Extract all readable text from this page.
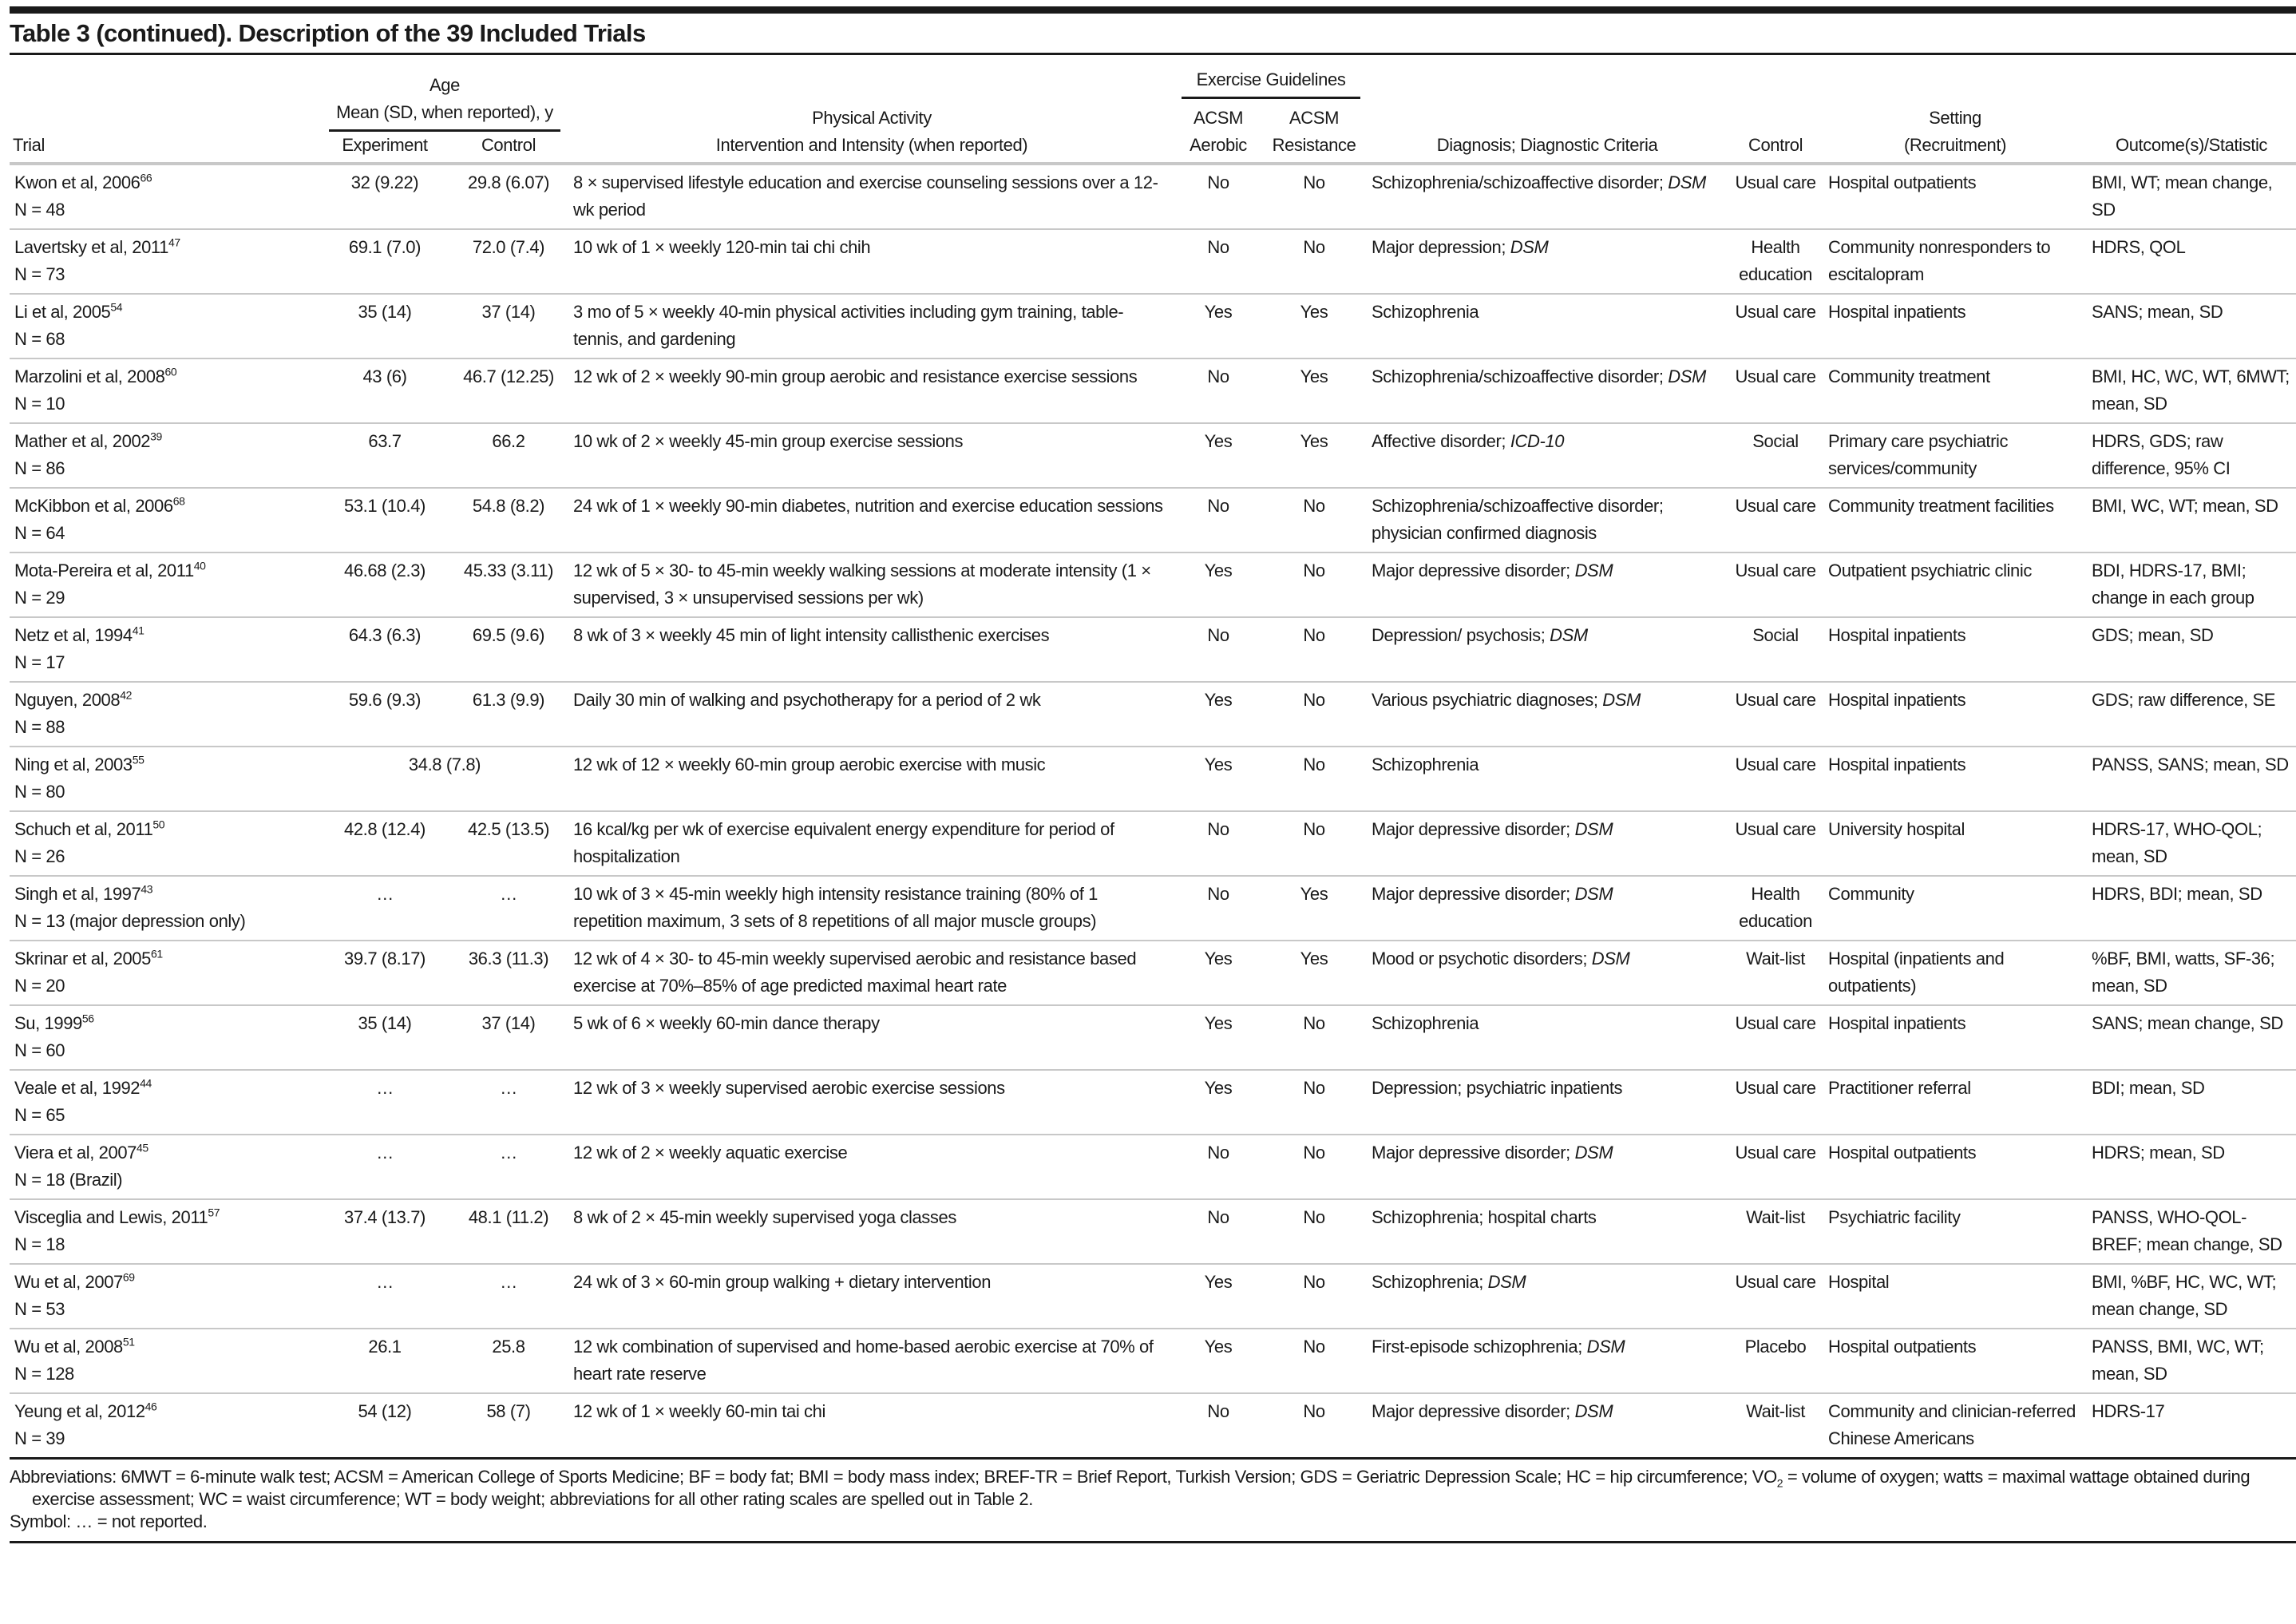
Table 3 (continued). Description of the 39 Included Trials
	Age			Exercise Guidelines					
	Mean (SD, when reported), y		Physical Activity	ACSM	ACSM			Setting	
Trial	Experiment	Control	Intervention and Intensity (when reported)	Aerobic	Resistance	Diagnosis; Diagnostic Criteria	Control	(Recruitment)	Outcome(s)/Statistic
Kwon et al, 2006$^{66}$
N = 48	32 (9.22)	29.8 (6.07)	8 × supervised lifestyle education and exercise counseling sessions over a 12-wk period	No	No	Schizophrenia/schizoaffective disorder; DSM	Usual care	Hospital outpatients	BMI, WT; mean change, SD
Lavertsky et al, 2011$^{47}$
N = 73	69.1 (7.0)	72.0 (7.4)	10 wk of 1 × weekly 120-min tai chi chih	No	No	Major depression; DSM	Health education	Community nonresponders to escitalopram	HDRS, QOL
Li et al, 2005$^{54}$
N = 68	35 (14)	37 (14)	3 mo of 5 × weekly 40-min physical activities including gym training, table-tennis, and gardening	Yes	Yes	Schizophrenia	Usual care	Hospital inpatients	SANS; mean, SD
Marzolini et al, 2008$^{60}$
N = 10	43 (6)	46.7 (12.25)	12 wk of 2 × weekly 90-min group aerobic and resistance exercise sessions	No	Yes	Schizophrenia/schizoaffective disorder; DSM	Usual care	Community treatment	BMI, HC, WC, WT, 6MWT; mean, SD
Mather et al, 2002$^{39}$
N = 86	63.7	66.2	10 wk of 2 × weekly 45-min group exercise sessions	Yes	Yes	Affective disorder; ICD-10	Social	Primary care psychiatric services/community	HDRS, GDS; raw difference, 95% CI
McKibbon et al, 2006$^{68}$
N = 64	53.1 (10.4)	54.8 (8.2)	24 wk of 1 × weekly 90-min diabetes, nutrition and exercise education sessions	No	No	Schizophrenia/schizoaffective disorder; physician confirmed diagnosis	Usual care	Community treatment facilities	BMI, WC, WT; mean, SD
Mota-Pereira et al, 2011$^{40}$
N = 29	46.68 (2.3)	45.33 (3.11)	12 wk of 5 × 30- to 45-min weekly walking sessions at moderate intensity (1 × supervised, 3 × unsupervised sessions per wk)	Yes	No	Major depressive disorder; DSM	Usual care	Outpatient psychiatric clinic	BDI, HDRS-17, BMI; change in each group
Netz et al, 1994$^{41}$
N = 17	64.3 (6.3)	69.5 (9.6)	8 wk of 3 × weekly 45 min of light intensity callisthenic exercises	No	No	Depression/ psychosis; DSM	Social	Hospital inpatients	GDS; mean, SD
Nguyen, 2008$^{42}$
N = 88	59.6 (9.3)	61.3 (9.9)	Daily 30 min of walking and psychotherapy for a period of 2 wk	Yes	No	Various psychiatric diagnoses; DSM	Usual care	Hospital inpatients	GDS; raw difference, SE
Ning et al, 2003$^{55}$
N = 80	34.8 (7.8)		12 wk of 12 × weekly 60-min group aerobic exercise with music	Yes	No	Schizophrenia	Usual care	Hospital inpatients	PANSS, SANS; mean, SD
Schuch et al, 2011$^{50}$
N = 26	42.8 (12.4)	42.5 (13.5)	16 kcal/kg per wk of exercise equivalent energy expenditure for period of hospitalization	No	No	Major depressive disorder; DSM	Usual care	University hospital	HDRS-17, WHO-QOL; mean, SD
Singh et al, 1997$^{43}$
N = 13 (major depression only)	…	…	10 wk of 3 × 45-min weekly high intensity resistance training (80% of 1 repetition maximum, 3 sets of 8 repetitions of all major muscle groups)	No	Yes	Major depressive disorder; DSM	Health education	Community	HDRS, BDI; mean, SD
Skrinar et al, 2005$^{61}$
N = 20	39.7 (8.17)	36.3 (11.3)	12 wk of 4 × 30- to 45-min weekly supervised aerobic and resistance based exercise at 70%–85% of age predicted maximal heart rate	Yes	Yes	Mood or psychotic disorders; DSM	Wait-list	Hospital (inpatients and outpatients)	%BF, BMI, watts, SF-36; mean, SD
Su, 1999$^{56}$
N = 60	35 (14)	37 (14)	5 wk of 6 × weekly 60-min dance therapy	Yes	No	Schizophrenia	Usual care	Hospital inpatients	SANS; mean change, SD
Veale et al, 1992$^{44}$
N = 65	…	…	12 wk of 3 × weekly supervised aerobic exercise sessions	Yes	No	Depression; psychiatric inpatients	Usual care	Practitioner referral	BDI; mean, SD
Viera et al, 2007$^{45}$
N = 18 (Brazil)	…	…	12 wk of 2 × weekly aquatic exercise	No	No	Major depressive disorder; DSM	Usual care	Hospital outpatients	HDRS; mean, SD
Visceglia and Lewis, 2011$^{57}$
N = 18	37.4 (13.7)	48.1 (11.2)	8 wk of 2 × 45-min weekly supervised yoga classes	No	No	Schizophrenia; hospital charts	Wait-list	Psychiatric facility	PANSS, WHO-QOL-BREF; mean change, SD
Wu et al, 2007$^{69}$
N = 53	…	…	24 wk of 3 × 60-min group walking + dietary intervention	Yes	No	Schizophrenia; DSM	Usual care	Hospital	BMI, %BF, HC, WC, WT; mean change, SD
Wu et al, 2008$^{51}$
N = 128	26.1	25.8	12 wk combination of supervised and home-based aerobic exercise at 70% of heart rate reserve	Yes	No	First-episode schizophrenia; DSM	Placebo	Hospital outpatients	PANSS, BMI, WC, WT; mean, SD
Yeung et al, 2012$^{46}$
N = 39	54 (12)	58 (7)	12 wk of 1 × weekly 60-min tai chi	No	No	Major depressive disorder; DSM	Wait-list	Community and clinician-referred Chinese Americans	HDRS-17
Abbreviations: 6MWT = 6-minute walk test; ACSM = American College of Sports Medicine; BF = body fat; BMI = body mass index; BREF-TR = Brief Report, Turkish Version; GDS = Geriatric Depression Scale; HC = hip circumference; $VO_2$ = volume of oxygen; watts = maximal wattage obtained during exercise assessment; WC = waist circumference; WT = body weight; abbreviations for all other rating scales are spelled out in Table 2.
Symbol: … = not reported.
